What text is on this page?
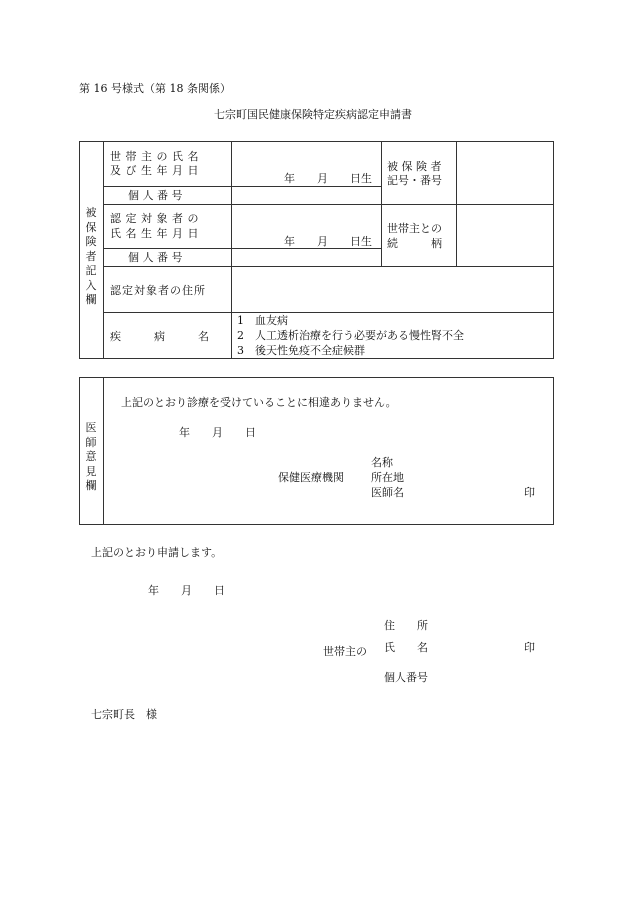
第 16 号様式（第 18 条関係）
七宗町国民健康保険特定疾病認定申請書
被
保
険
者
記
入
欄
世 帯 主 の 氏 名
及 び 生 年 月 日
年　　月　　日生
被 保 険 者
記号・番号
個 人 番 号
認 定 対 象 者 の
氏 名 生 年 月 日
年　　月　　日生
世帯主との
続　　　柄
個 人 番 号
認定対象者の住所
疾　　　病　　　名
1　血友病
2　人工透析治療を行う必要がある慢性腎不全
3　後天性免疫不全症候群
医
師
意
見
欄
上記のとおり診療を受けていることに相違ありません。
年　　月　　日
名称
保健医療機関 所在地
医師名	印
上記のとおり申請します。
年　　月　　日
住　　所
世帯主の 氏　　名	印
個人番号
七宗町長　様
